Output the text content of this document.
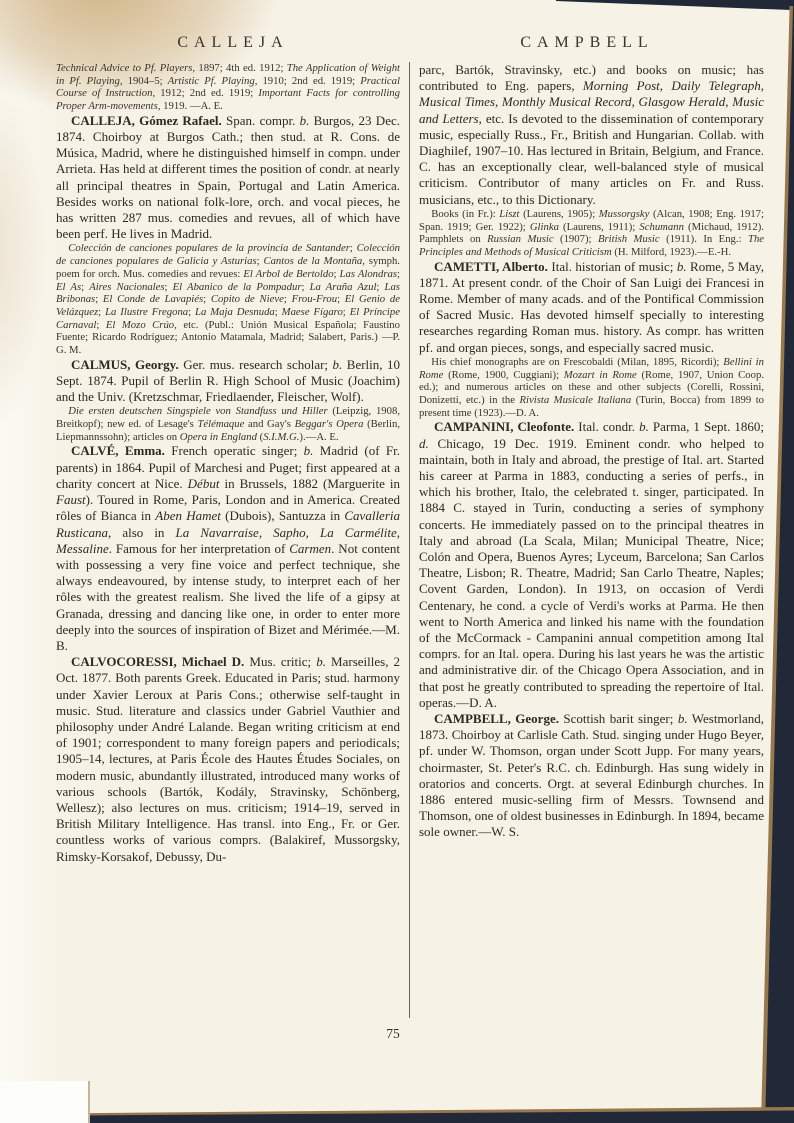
CALLEJA	CAMPBELL

Technical Advice to Pf. Players, 1897; 4th ed. 1912; The Application of Weight in Pf. Playing, 1904–5; Artistic Pf. Playing, 1910; 2nd ed. 1919; Practical Course of Instruction, 1912; 2nd ed. 1919; Important Facts for controlling Proper Arm-movements, 1919. —A. E.

CALLEJA, Gómez Rafael. Span. compr. b. Burgos, 23 Dec. 1874. Choirboy at Burgos Cath.; then stud. at R. Cons. de Música, Madrid, where he distinguished himself in compn. under Arrieta. Has held at different times the position of condr. at nearly all principal theatres in Spain, Portugal and Latin America. Besides works on national folk-lore, orch. and vocal pieces, he has written 287 mus. comedies and revues, all of which have been perf. He lives in Madrid.

Colección de canciones populares de la provincia de Santander; Colección de canciones populares de Galicia y Asturias; Cantos de la Montaña, symph. poem for orch. Mus. comedies and revues: El Arbol de Bertoldo; Las Alondras; El As; Aires Nacionales; El Abanico de la Pompadur; La Araña Azul; Las Bribonas; El Conde de Lavapiés; Copito de Nieve; Frou-Frou; El Genio de Velázquez; La Ilustre Fregona; La Maja Desnuda; Maese Fígaro; El Príncipe Carnaval; El Mozo Crúo, etc. (Publ.: Unión Musical Española; Faustino Fuente; Ricardo Rodríguez; Antonio Matamala, Madrid; Salabert, Paris.) —P. G. M.

CALMUS, Georgy. Ger. mus. research scholar; b. Berlin, 10 Sept. 1874. Pupil of Berlin R. High School of Music (Joachim) and the Univ. (Kretzschmar, Friedlaender, Fleischer, Wolf).

Die ersten deutschen Singspiele von Standfuss und Hiller (Leipzig, 1908, Breitkopf); new ed. of Lesage's Télémaque and Gay's Beggar's Opera (Berlin, Liepmannssohn); articles on Opera in England (S.I.M.G.).—A. E.

CALVÉ, Emma. French operatic singer; b. Madrid (of Fr. parents) in 1864. Pupil of Marchesi and Puget; first appeared at a charity concert at Nice. Début in Brussels, 1882 (Marguerite in Faust). Toured in Rome, Paris, London and in America. Created rôles of Bianca in Aben Hamet (Dubois), Santuzza in Cavalleria Rusticana, also in La Navarraise, Sapho, La Carmélite, Messaline. Famous for her interpretation of Carmen. Not content with possessing a very fine voice and perfect technique, she always endeavoured, by intense study, to interpret each of her rôles with the greatest realism. She lived the life of a gipsy at Granada, dressing and dancing like one, in order to enter more deeply into the sources of inspiration of Bizet and Mérimée.—M. B.

CALVOCORESSI, Michael D. Mus. critic; b. Marseilles, 2 Oct. 1877. Both parents Greek. Educated in Paris; stud. harmony under Xavier Leroux at Paris Cons.; otherwise self-taught in music. Stud. literature and classics under Gabriel Vauthier and philosophy under André Lalande. Began writing criticism at end of 1901; correspondent to many foreign papers and periodicals; 1905–14, lectures, at Paris École des Hautes Études Sociales, on modern music, abundantly illustrated, introduced many works of various schools (Bartók, Kodály, Stravinsky, Schönberg, Wellesz); also lectures on mus. criticism; 1914–19, served in British Military Intelligence. Has transl. into Eng., Fr. or Ger. countless works of various comprs. (Balakiref, Mussorgsky, Rimsky-Korsakof, Debussy, Du-

parc, Bartók, Stravinsky, etc.) and books on music; has contributed to Eng. papers, Morning Post, Daily Telegraph, Musical Times, Monthly Musical Record, Glasgow Herald, Music and Letters, etc. Is devoted to the dissemination of contemporary music, especially Russ., Fr., British and Hungarian. Collab. with Diaghilef, 1907–10. Has lectured in Britain, Belgium, and France. C. has an exceptionally clear, well-balanced style of musical criticism. Contributor of many articles on Fr. and Russ. musicians, etc., to this Dictionary.

Books (in Fr.): Liszt (Laurens, 1905); Mussorgsky (Alcan, 1908; Eng. 1917; Span. 1919; Ger. 1922); Glinka (Laurens, 1911); Schumann (Michaud, 1912). Pamphlets on Russian Music (1907); British Music (1911). In Eng.: The Principles and Methods of Musical Criticism (H. Milford, 1923).—E.-H.

CAMETTI, Alberto. Ital. historian of music; b. Rome, 5 May, 1871. At present condr. of the Choir of San Luigi dei Francesi in Rome. Member of many acads. and of the Pontifical Commission of Sacred Music. Has devoted himself specially to interesting researches regarding Roman mus. history. As compr. has written pf. and organ pieces, songs, and especially sacred music.

His chief monographs are on Frescobaldi (Milan, 1895, Ricordi); Bellini in Rome (Rome, 1900, Cuggiani); Mozart in Rome (Rome, 1907, Union Coop. ed.); and numerous articles on these and other subjects (Corelli, Rossini, Donizetti, etc.) in the Rivista Musicale Italiana (Turin, Bocca) from 1899 to present time (1923).—D. A.

CAMPANINI, Cleofonte. Ital. condr. b. Parma, 1 Sept. 1860; d. Chicago, 19 Dec. 1919. Eminent condr. who helped to maintain, both in Italy and abroad, the prestige of Ital. art. Started his career at Parma in 1883, conducting a series of perfs., in which his brother, Italo, the celebrated t. singer, participated. In 1884 C. stayed in Turin, conducting a series of symphony concerts. He immediately passed on to the principal theatres in Italy and abroad (La Scala, Milan; Municipal Theatre, Nice; Colón and Opera, Buenos Ayres; Lyceum, Barcelona; San Carlos Theatre, Lisbon; R. Theatre, Madrid; San Carlo Theatre, Naples; Covent Garden, London). In 1913, on occasion of Verdi Centenary, he cond. a cycle of Verdi's works at Parma. He then went to North America and linked his name with the foundation of the McCormack - Campanini annual competition among Ital comprs. for an Ital. opera. During his last years he was the artistic and administrative dir. of the Chicago Opera Association, and in that post he greatly contributed to spreading the repertoire of Ital. operas.—D. A.

CAMPBELL, George. Scottish barit singer; b. Westmorland, 1873. Choirboy at Carlisle Cath. Stud. singing under Hugo Beyer, pf. under W. Thomson, organ under Scott Jupp. For many years, choirmaster, St. Peter's R.C. ch. Edinburgh. Has sung widely in oratorios and concerts. Orgt. at several Edinburgh churches. In 1886 entered music-selling firm of Messrs. Townsend and Thomson, one of oldest businesses in Edinburgh. In 1894, became sole owner.—W. S.

75
